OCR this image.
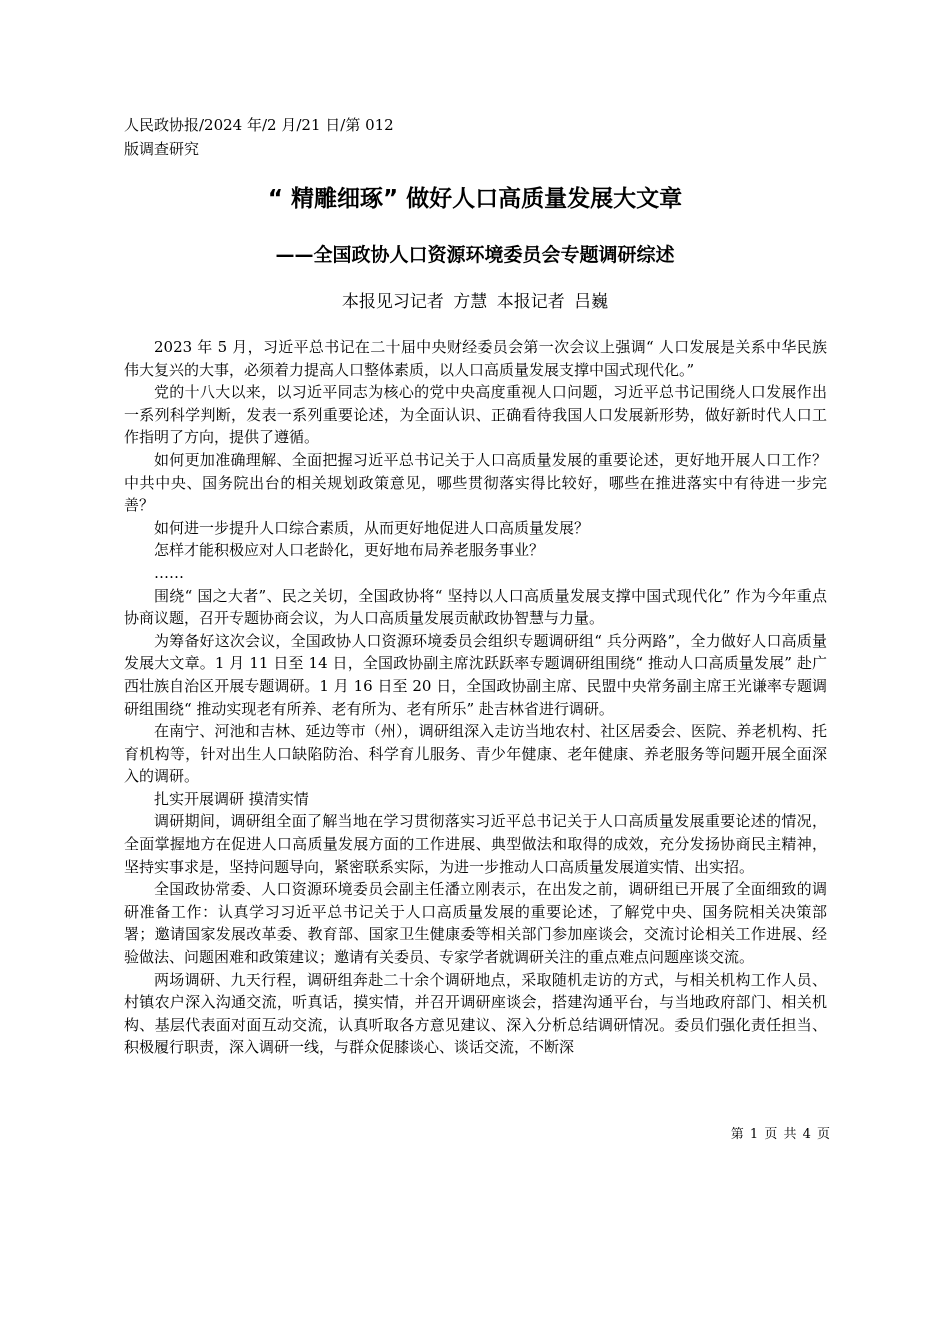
人民政协报/2024 年/2 月/21 日/第 012
版调查研究
“ 精雕细琢” 做好人口高质量发展大文章
——全国政协人口资源环境委员会专题调研综述
本报见习记者 方慧 本报记者 吕巍

2023 年 5 月，习近平总书记在二十届中央财经委员会第一次会议上强调“ 人口发展是关系中华民族伟大复兴的大事，必须着力提高人口整体素质，以人口高质量发展支撑中国式现代化。”

党的十八大以来，以习近平同志为核心的党中央高度重视人口问题，习近平总书记围绕人口发展作出一系列科学判断，发表一系列重要论述，为全面认识、正确看待我国人口发展新形势，做好新时代人口工作指明了方向，提供了遵循。

如何更加准确理解、全面把握习近平总书记关于人口高质量发展的重要论述，更好地开展人口工作？中共中央、国务院出台的相关规划政策意见，哪些贯彻落实得比较好，哪些在推进落实中有待进一步完善？

如何进一步提升人口综合素质，从而更好地促进人口高质量发展？

怎样才能积极应对人口老龄化，更好地布局养老服务事业？

……

围绕“ 国之大者”、民之关切，全国政协将“ 坚持以人口高质量发展支撑中国式现代化” 作为今年重点协商议题，召开专题协商会议，为人口高质量发展贡献政协智慧与力量。

为筹备好这次会议，全国政协人口资源环境委员会组织专题调研组“ 兵分两路”，全力做好人口高质量发展大文章。1 月 11 日至 14 日，全国政协副主席沈跃跃率专题调研组围绕“ 推动人口高质量发展” 赴广西壮族自治区开展专题调研。1 月 16 日至 20 日，全国政协副主席、民盟中央常务副主席王光谦率专题调研组围绕“ 推动实现老有所养、老有所为、老有所乐” 赴吉林省进行调研。

在南宁、河池和吉林、延边等市（州），调研组深入走访当地农村、社区居委会、医院、养老机构、托育机构等，针对出生人口缺陷防治、科学育儿服务、青少年健康、老年健康、养老服务等问题开展全面深入的调研。

扎实开展调研 摸清实情

调研期间，调研组全面了解当地在学习贯彻落实习近平总书记关于人口高质量发展重要论述的情况，全面掌握地方在促进人口高质量发展方面的工作进展、典型做法和取得的成效，充分发扬协商民主精神，坚持实事求是，坚持问题导向，紧密联系实际，为进一步推动人口高质量发展道实情、出实招。

全国政协常委、人口资源环境委员会副主任潘立刚表示，在出发之前，调研组已开展了全面细致的调研准备工作：认真学习习近平总书记关于人口高质量发展的重要论述，了解党中央、国务院相关决策部署；邀请国家发展改革委、教育部、国家卫生健康委等相关部门参加座谈会，交流讨论相关工作进展、经验做法、问题困难和政策建议；邀请有关委员、专家学者就调研关注的重点难点问题座谈交流。

两场调研、九天行程，调研组奔赴二十余个调研地点，采取随机走访的方式，与相关机构工作人员、村镇农户深入沟通交流，听真话，摸实情，并召开调研座谈会，搭建沟通平台，与当地政府部门、相关机构、基层代表面对面互动交流，认真听取各方意见建议、深入分析总结调研情况。委员们强化责任担当、积极履行职责，深入调研一线，与群众促膝谈心、谈话交流，不断深

第 1 页 共 4 页
